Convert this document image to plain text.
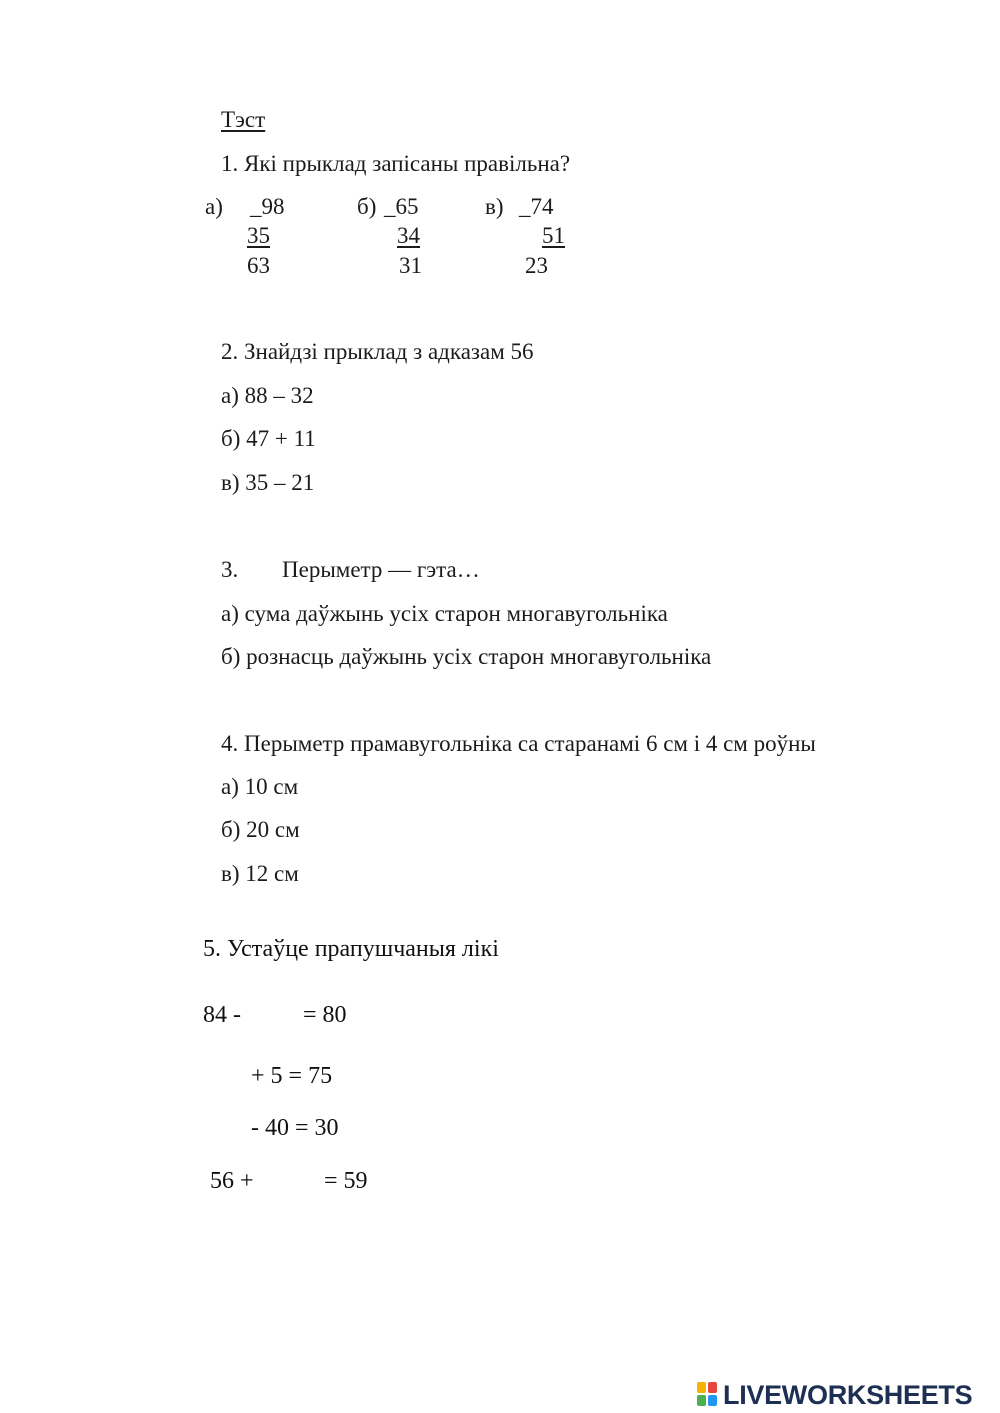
Тэст
1. Які прыклад запісаны правільна?
а) _98
35
63
б) _65
34
31
в) _74
51
23
2. Знайдзі прыклад з адказам 56
а) 88 – 32
б) 47 + 11
в) 35 – 21
3. Перыметр — гэта…
а) сума даўжынь усіх старон многавугольніка
б) рознасць даўжынь усіх старон многавугольніка
4. Перыметр прамавугольніка са старанамі 6 см і 4 см роўны
а) 10 см
б) 20 см
в) 12 см
5. Устаўце прапушчаныя лікі
84 -	= 80
+ 5 = 75
- 40 = 30
56 +	= 59
LIVEWORKSHEETS
